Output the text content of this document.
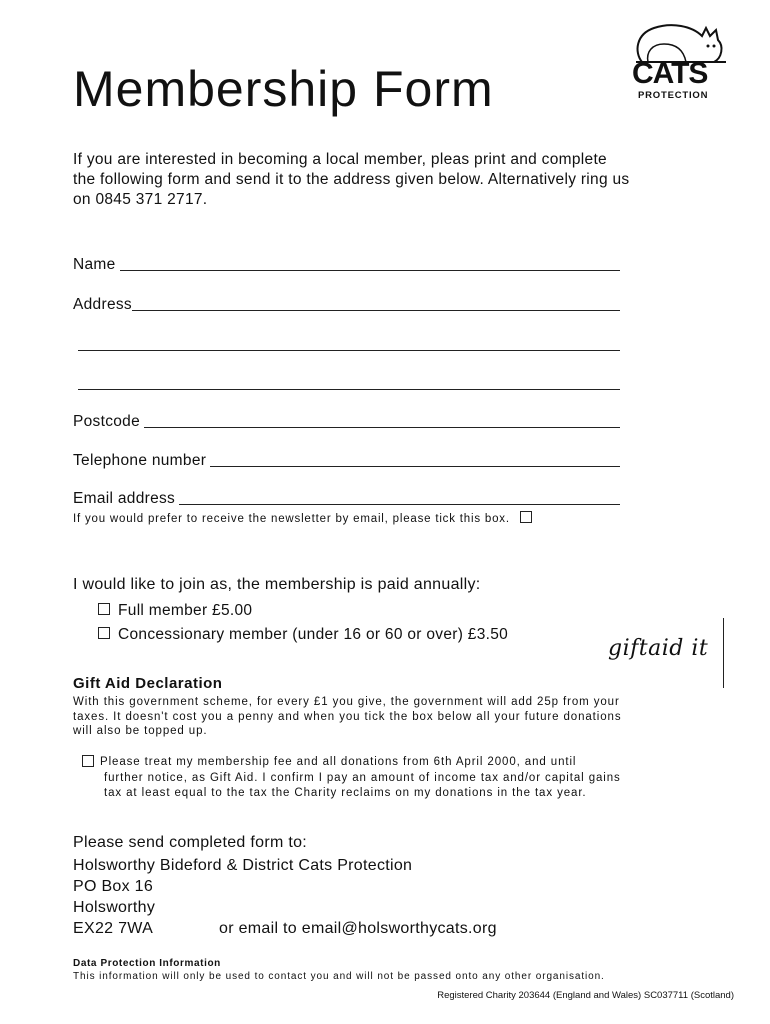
Membership Form	CATS
PROTECTION
If you are interested in becoming a local member, pleas print and complete the following form and send it to the address given below. Alternatively ring us on 0845 371 2717.
Name
Address
Postcode
Telephone number
Email address
If you would prefer to receive the newsletter by email, please tick this box.
I would like to join as, the membership is paid annually:
Full member £5.00
Concessionary member (under 16 or 60 or over) £3.50
giftaid it
Gift Aid Declaration
With this government scheme, for every £1 you give, the government will add 25p from your taxes. It doesn't cost you a penny and when you tick the box below all your future donations will also be topped up.
Please treat my membership fee and all donations from 6th April 2000, and until
further notice, as Gift Aid. I confirm I pay an amount of income tax and/or capital gains tax at least equal to the tax the Charity reclaims on my donations in the tax year.
Please send completed form to:
Holsworthy Bideford & District Cats Protection
PO Box 16
Holsworthy
EX22 7WA	or email to email@holsworthycats.org
Data Protection Information
This information will only be used to contact you and will not be passed onto any other organisation.
Registered Charity 203644 (England and Wales) SC037711 (Scotland)
